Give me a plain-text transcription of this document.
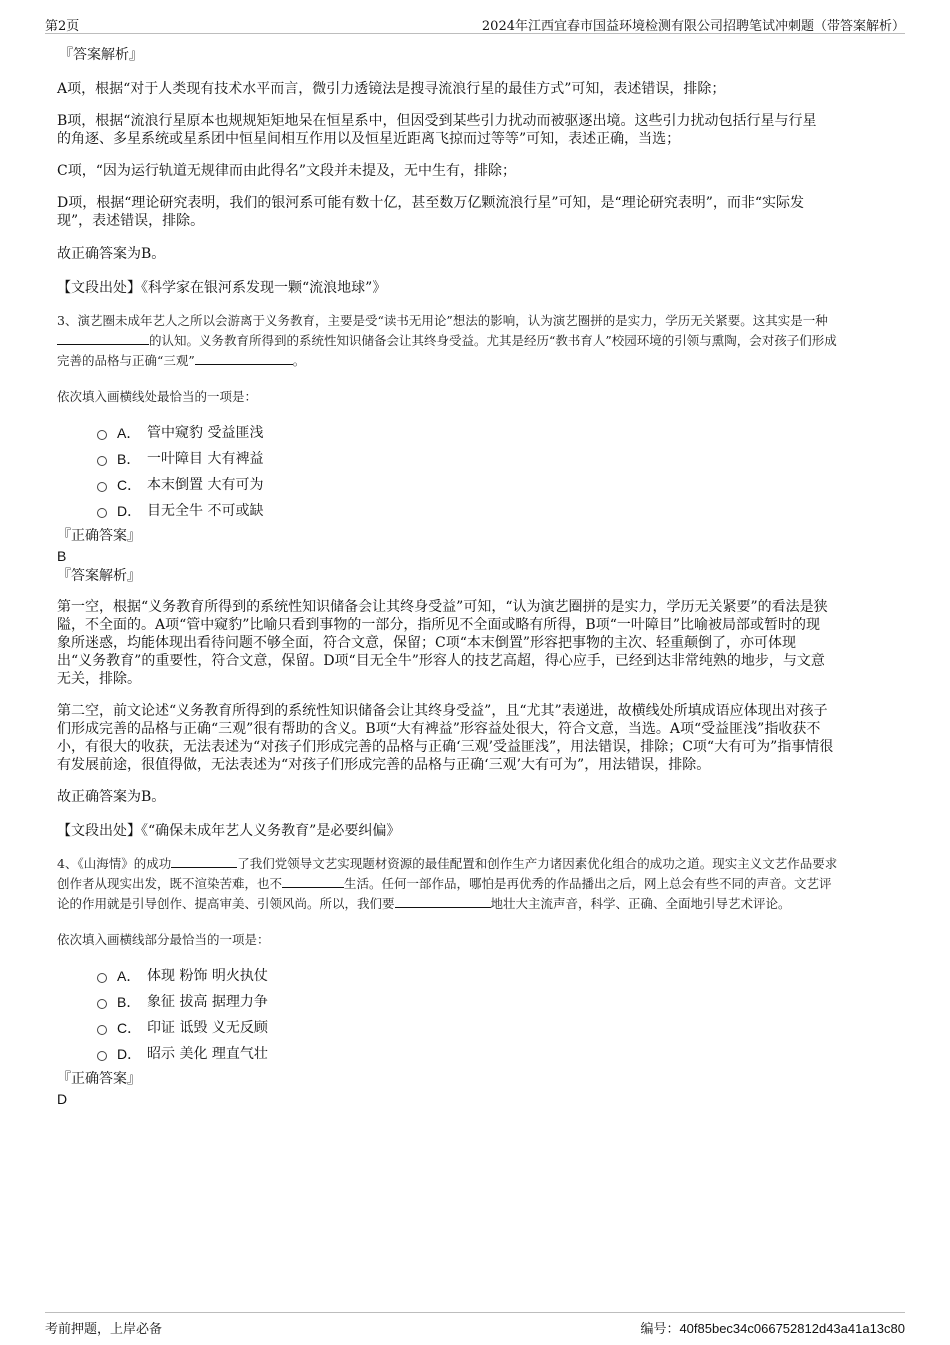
第2页	2024年江西宜春市国益环境检测有限公司招聘笔试冲刺题（带答案解析）
『答案解析』
A项，根据“对于人类现有技术水平而言，微引力透镜法是搜寻流浪行星的最佳方式”可知，表述错误，排除；
B项，根据“流浪行星原本也规规矩矩地呆在恒星系中，但因受到某些引力扰动而被驱逐出境。这些引力扰动包括行星与行星
的角逐、多星系统或星系团中恒星间相互作用以及恒星近距离飞掠而过等等”可知，表述正确，当选；
C项，“因为运行轨道无规律而由此得名”文段并未提及，无中生有，排除；
D项，根据“理论研究表明，我们的银河系可能有数十亿，甚至数万亿颗流浪行星”可知，是“理论研究表明”，而非“实际发
现”，表述错误，排除。
故正确答案为B。
【文段出处】《科学家在银河系发现一颗“流浪地球”》
3、演艺圈未成年艺人之所以会游离于义务教育，主要是受“读书无用论”想法的影响，认为演艺圈拼的是实力，学历无关紧要。这其实是一种
的认知。义务教育所得到的系统性知识储备会让其终身受益。尤其是经历“教书育人”校园环境的引领与熏陶，会对孩子们形成
完善的品格与正确“三观”	。
依次填入画横线处最恰当的一项是：
A． 管中窥豹 受益匪浅
B． 一叶障目 大有裨益
C． 本末倒置 大有可为
D． 目无全牛 不可或缺
『正确答案』
B
『答案解析』
第一空，根据“义务教育所得到的系统性知识储备会让其终身受益”可知，“认为演艺圈拼的是实力，学历无关紧要”的看法是狭
隘，不全面的。A项“管中窥豹”比喻只看到事物的一部分，指所见不全面或略有所得，B项“一叶障目”比喻被局部或暂时的现
象所迷惑，均能体现出看待问题不够全面，符合文意，保留；C项“本末倒置”形容把事物的主次、轻重颠倒了，亦可体现
出“义务教育”的重要性，符合文意，保留。D项“目无全牛”形容人的技艺高超，得心应手，已经到达非常纯熟的地步，与文意
无关，排除。
第二空，前文论述“义务教育所得到的系统性知识储备会让其终身受益”，且“尤其”表递进，故横线处所填成语应体现出对孩子
们形成完善的品格与正确“三观”很有帮助的含义。B项“大有裨益”形容益处很大，符合文意，当选。A项“受益匪浅”指收获不
小，有很大的收获，无法表述为“对孩子们形成完善的品格与正确‘三观’受益匪浅”，用法错误，排除；C项“大有可为”指事情很
有发展前途，很值得做，无法表述为“对孩子们形成完善的品格与正确‘三观’大有可为”，用法错误，排除。
故正确答案为B。
【文段出处】《“确保未成年艺人义务教育”是必要纠偏》
4、《山海情》的成功	了我们党领导文艺实现题材资源的最佳配置和创作生产力诸因素优化组合的成功之道。现实主义文艺作品要求
创作者从现实出发，既不渲染苦难，也不	生活。任何一部作品，哪怕是再优秀的作品播出之后，网上总会有些不同的声音。文艺评
论的作用就是引导创作、提高审美、引领风尚。所以，我们要	地壮大主流声音，科学、正确、全面地引导艺术评论。
依次填入画横线部分最恰当的一项是：
A． 体现 粉饰 明火执仗
B． 象征 拔高 据理力争
C． 印证 诋毁 义无反顾
D． 昭示 美化 理直气壮
『正确答案』
D
考前押题，上岸必备	编号：40f85bec34c066752812d43a41a13c80
